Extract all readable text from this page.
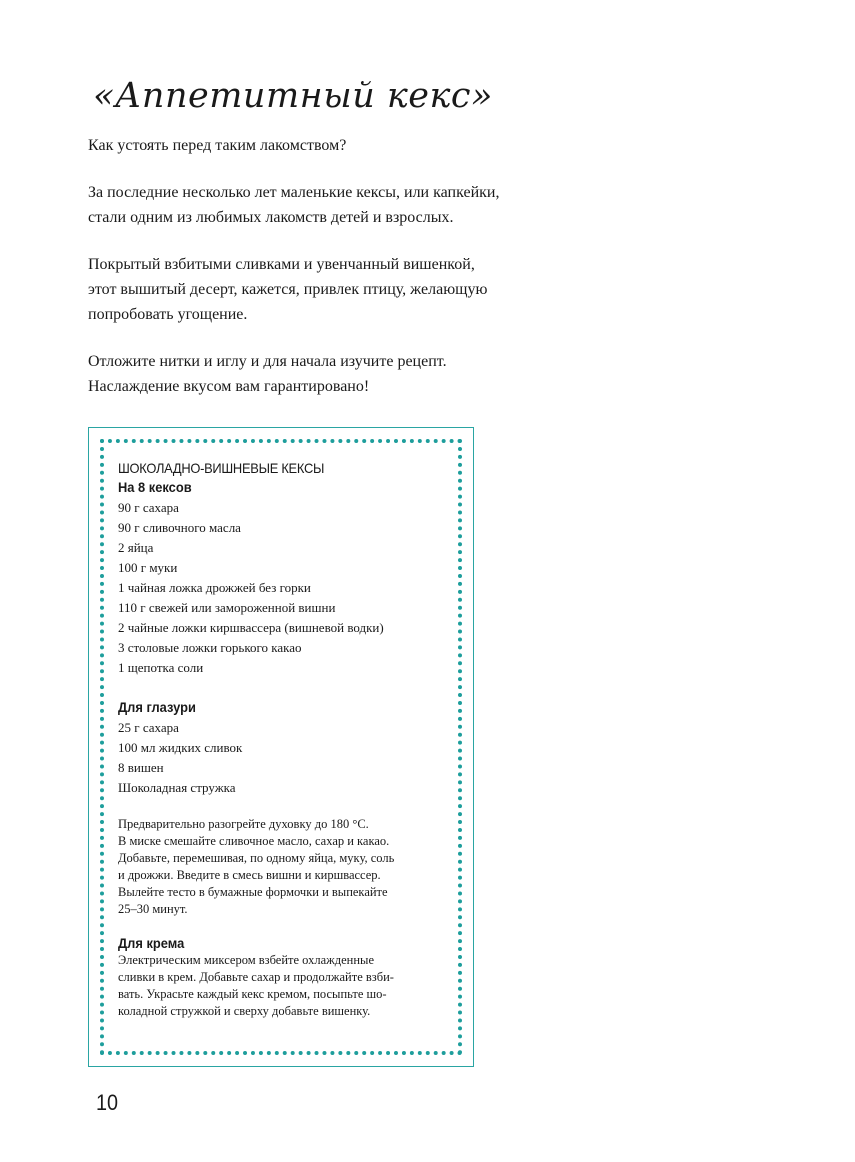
«Аппетитный кекс»

Как устоять перед таким лакомством?

За последние несколько лет маленькие кексы, или капкейки,
стали одним из любимых лакомств детей и взрослых.

Покрытый взбитыми сливками и увенчанный вишенкой,
этот вышитый десерт, кажется, привлек птицу, желающую
попробовать угощение.

Отложите нитки и иглу и для начала изучите рецепт.
Наслаждение вкусом вам гарантировано!

ШОКОЛАДНО-ВИШНЕВЫЕ КЕКСЫ
На 8 кексов
90 г сахара
90 г сливочного масла
2 яйца
100 г муки
1 чайная ложка дрожжей без горки
110 г свежей или замороженной вишни
2 чайные ложки киршвассера (вишневой водки)
3 столовые ложки горького какао
1 щепотка соли
Для глазури
25 г сахара
100 мл жидких сливок
8 вишен
Шоколадная стружка

Предварительно разогрейте духовку до 180 °С.
В миске смешайте сливочное масло, сахар и какао.
Добавьте, перемешивая, по одному яйца, муку, соль
и дрожжи. Введите в смесь вишни и киршвассер.
Вылейте тесто в бумажные формочки и выпекайте
25–30 минут.

Для крема

Электрическим миксером взбейте охлажденные
сливки в крем. Добавьте сахар и продолжайте взби-
вать. Украсьте каждый кекс кремом, посыпьте шо-
коладной стружкой и сверху добавьте вишенку.

10
